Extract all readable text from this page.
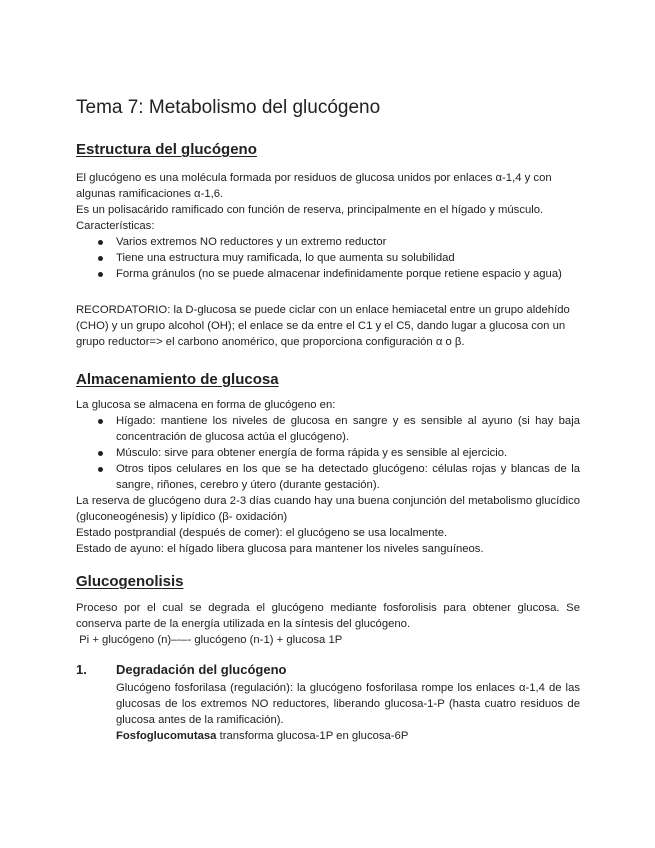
Tema 7: Metabolismo del glucógeno
Estructura del glucógeno

El glucógeno es una molécula formada por residuos de glucosa unidos por enlaces α-1,4 y con algunas ramificaciones α-1,6.

Es un polisacárido ramificado con función de reserva, principalmente en el hígado y músculo.

Características:

Varios extremos NO reductores y un extremo reductor
Tiene una estructura muy ramificada, lo que aumenta su solubilidad
Forma gránulos (no se puede almacenar indefinidamente porque retiene espacio y agua)

RECORDATORIO: la D-glucosa se puede ciclar con un enlace hemiacetal entre un grupo aldehído (CHO) y un grupo alcohol (OH); el enlace se da entre el C1 y el C5, dando lugar a glucosa con un grupo reductor=> el carbono anomérico, que proporciona configuración α o β.

Almacenamiento de glucosa

La glucosa se almacena en forma de glucógeno en:

Hígado: mantiene los niveles de glucosa en sangre y es sensible al ayuno (si hay baja concentración de glucosa actúa el glucógeno).
Músculo: sirve para obtener energía de forma rápida y es sensible al ejercicio.
Otros tipos celulares en los que se ha detectado glucógeno: células rojas y blancas de la sangre, riñones, cerebro y útero (durante gestación).

La reserva de glucógeno dura 2-3 días cuando hay una buena conjunción del metabolismo glucídico (gluconeogénesis) y lipídico (β- oxidación)

Estado postprandial (después de comer): el glucógeno se usa localmente.

Estado de ayuno: el hígado libera glucosa para mantener los niveles sanguíneos.

Glucogenolisis

Proceso por el cual se degrada el glucógeno mediante fosforolisis para obtener glucosa. Se conserva parte de la energía utilizada en la síntesis del glucógeno.

Pi + glucógeno (n)–-–- glucógeno (n-1) + glucosa 1P

1. Degradación del glucógeno

Glucógeno fosforilasa (regulación): la glucógeno fosforilasa rompe los enlaces α-1,4 de las glucosas de los extremos NO reductores, liberando glucosa-1-P (hasta cuatro residuos de glucosa antes de la ramificación).

Fosfoglucomutasa transforma glucosa-1P en glucosa-6P
